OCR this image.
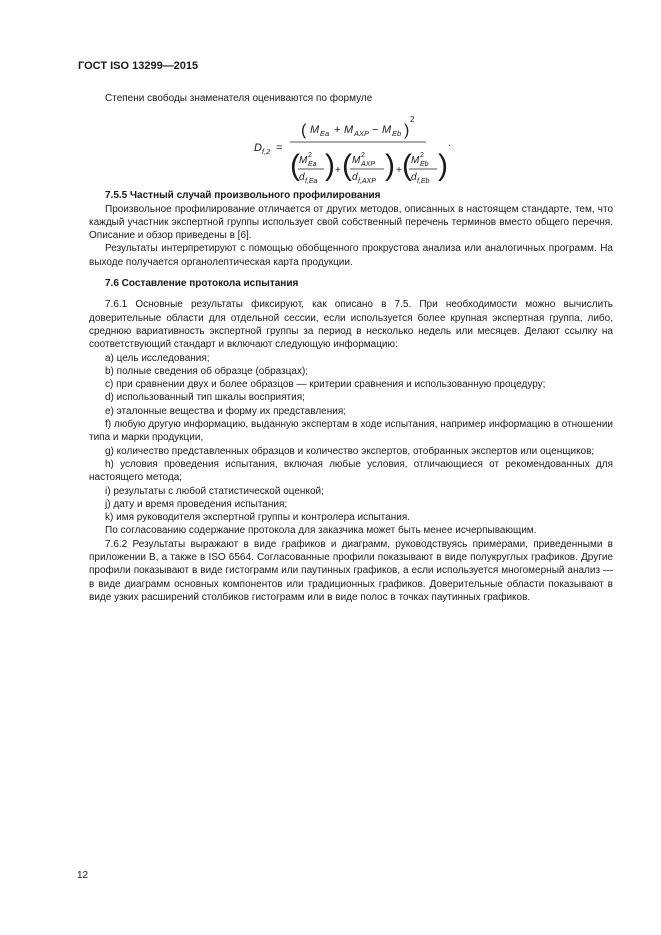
ГОСТ ISO 13299—2015

Степени свободы знаменателя оцениваются по формуле

D f,2 =
( M Ea + M AXP − M Eb )
2
( M 2
Ea
d f,Ea ) + ( M 2
AXP
d f,AXP ) + ( M 2
Eb
d f,Eb )
.

7.5.5 Частный случай произвольного профилирования

Произвольное профилирование отличается от других методов, описанных в настоящем стандарте, тем, что каждый участник экспертной группы использует свой собственный перечень терминов вместо общего перечня. Описание и обзор приведены в [6].

Результаты интерпретируют с помощью обобщенного прокрустова анализа или аналогичных программ. На выходе получается органолептическая карта продукции.

7.6 Составление протокола испытания

7.6.1 Основные результаты фиксируют, как описано в 7.5. При необходимости можно вычислить доверительные области для отдельной сессии, если используется более крупная экспертная группа, либо, среднюю вариативность экспертной группы за период в несколько недель или месяцев. Делают ссылку на соответствующий стандарт и включают следующую информацию:

a) цель исследования;

b) полные сведения об образце (образцах);

c) при сравнении двух и более образцов — критерии сравнения и использованную процедуру;

d) использованный тип шкалы восприятия;

e) эталонные вещества и форму их представления;

f) любую другую информацию, выданную экспертам в ходе испытания, например информацию в отношении типа и марки продукции,

g) количество представленных образцов и количество экспертов, отобранных экспертов или оценщиков;

h) условия проведения испытания, включая любые условия, отличающиеся от рекомендованных для настоящего метода;

i) результаты с любой статистической оценкой;

j) дату и время проведения испытания;

k) имя руководителя экспертной группы и контролера испытания.

По согласованию содержание протокола для заказчика может быть менее исчерпывающим.

7.6.2 Результаты выражают в виде графиков и диаграмм, руководствуясь примерами, приведенными в приложении В, а также в ISO 6564. Согласованные профили показывают в виде полукруглых графиков. Другие профили показывают в виде гистограмм или паутинных графиков, а если используется многомерный анализ — в виде диаграмм основных компонентов или традиционных графиков. Доверительные области показывают в виде узких расширений столбиков гистограмм или в виде полос в точках паутинных графиков.

12
